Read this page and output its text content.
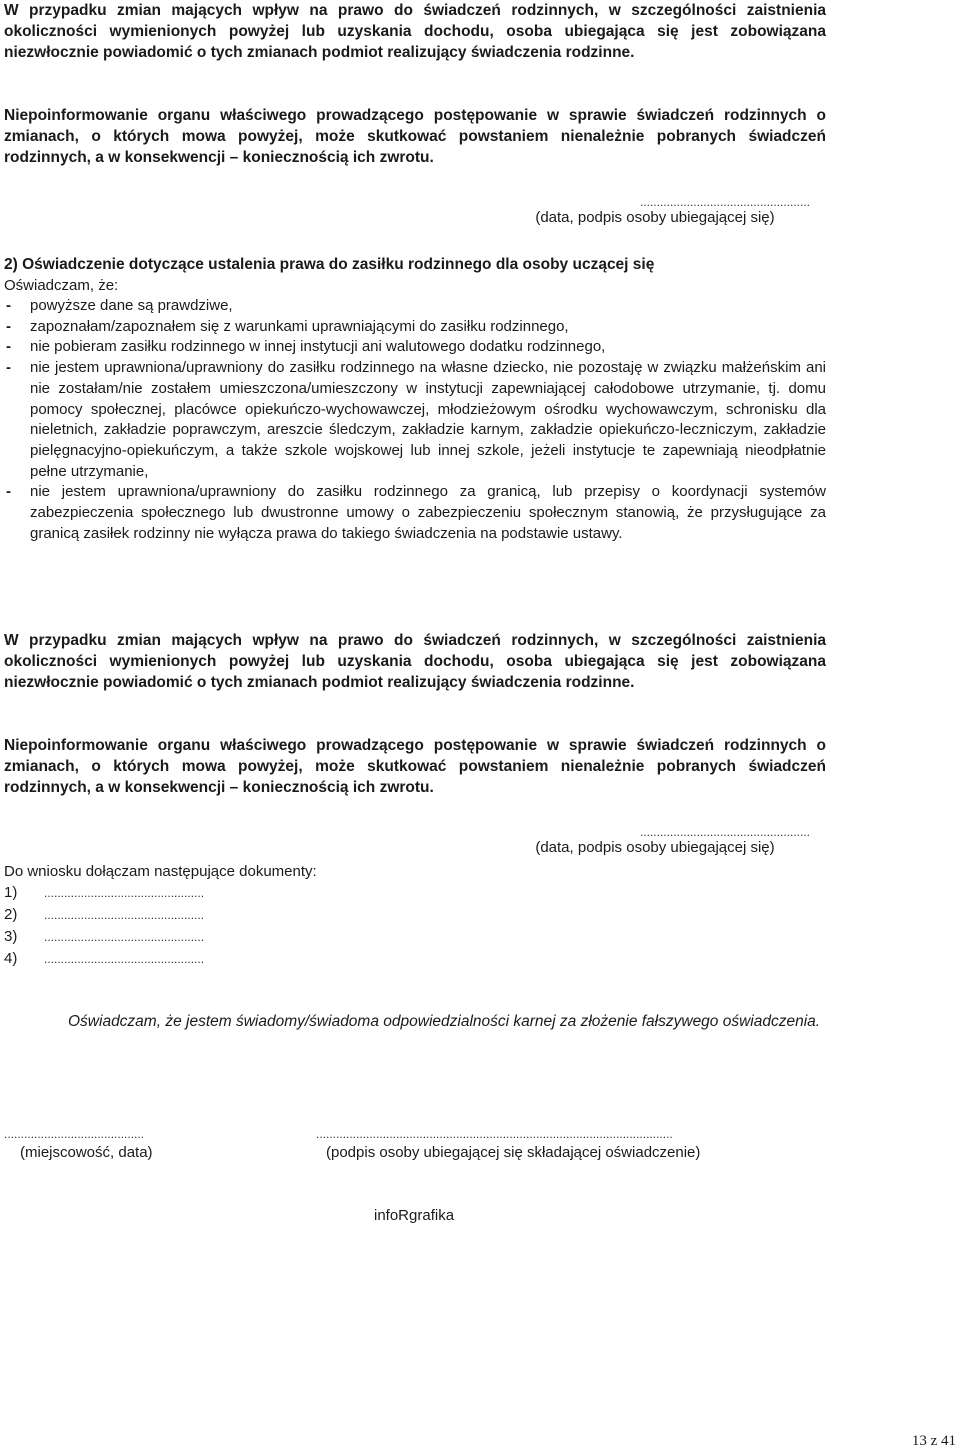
W przypadku zmian mających wpływ na prawo do świadczeń rodzinnych, w szczególności zaistnienia okoliczności wymienionych powyżej lub uzyskania dochodu, osoba ubiegająca się jest zobowiązana niezwłocznie powiadomić o tych zmianach podmiot realizujący świadczenia rodzinne.

Niepoinformowanie organu właściwego prowadzącego postępowanie w sprawie świadczeń rodzinnych o zmianach, o których mowa powyżej, może skutkować powstaniem nienależnie pobranych świadczeń rodzinnych, a w konsekwencji – koniecznością ich zwrotu.

...................................................
(data, podpis osoby ubiegającej się)
2) Oświadczenie dotyczące ustalenia prawa do zasiłku rodzinnego dla osoby uczącej się
Oświadczam, że:
- powyższe dane są prawdziwe,
- zapoznałam/zapoznałem się z warunkami uprawniającymi do zasiłku rodzinnego,
- nie pobieram zasiłku rodzinnego w innej instytucji ani walutowego dodatku rodzinnego,
- nie jestem uprawniona/uprawniony do zasiłku rodzinnego na własne dziecko, nie pozostaję w związku małżeńskim ani nie zostałam/nie zostałem umieszczona/umieszczony w instytucji zapewniającej całodobowe utrzymanie, tj. domu pomocy społecznej, placówce opiekuńczo-wychowawczej, młodzieżowym ośrodku wychowawczym, schronisku dla nieletnich, zakładzie poprawczym, areszcie śledczym, zakładzie karnym, zakładzie opiekuńczo-leczniczym, zakładzie pielęgnacyjno-opiekuńczym, a także szkole wojskowej lub innej szkole, jeżeli instytucje te zapewniają nieodpłatnie pełne utrzymanie,
- nie jestem uprawniona/uprawniony do zasiłku rodzinnego za granicą, lub przepisy o koordynacji systemów zabezpieczenia społecznego lub dwustronne umowy o zabezpieczeniu społecznym stanowią, że przysługujące za granicą zasiłek rodzinny nie wyłącza prawa do takiego świadczenia na podstawie ustawy.

W przypadku zmian mających wpływ na prawo do świadczeń rodzinnych, w szczególności zaistnienia okoliczności wymienionych powyżej lub uzyskania dochodu, osoba ubiegająca się jest zobowiązana niezwłocznie powiadomić o tych zmianach podmiot realizujący świadczenia rodzinne.

Niepoinformowanie organu właściwego prowadzącego postępowanie w sprawie świadczeń rodzinnych o zmianach, o których mowa powyżej, może skutkować powstaniem nienależnie pobranych świadczeń rodzinnych, a w konsekwencji – koniecznością ich zwrotu.

...................................................
(data, podpis osoby ubiegającej się)
Do wniosku dołączam następujące dokumenty:
1) ................................................
2) ................................................
3) ................................................
4) ................................................

Oświadczam, że jestem świadomy/świadoma odpowiedzialności karnej za złożenie fałszywego oświadczenia.

..........................................
(miejscowość, data)
...........................................................................................................
(podpis osoby ubiegającej się składającej oświadczenie)
infoRgrafika
13 z 41
